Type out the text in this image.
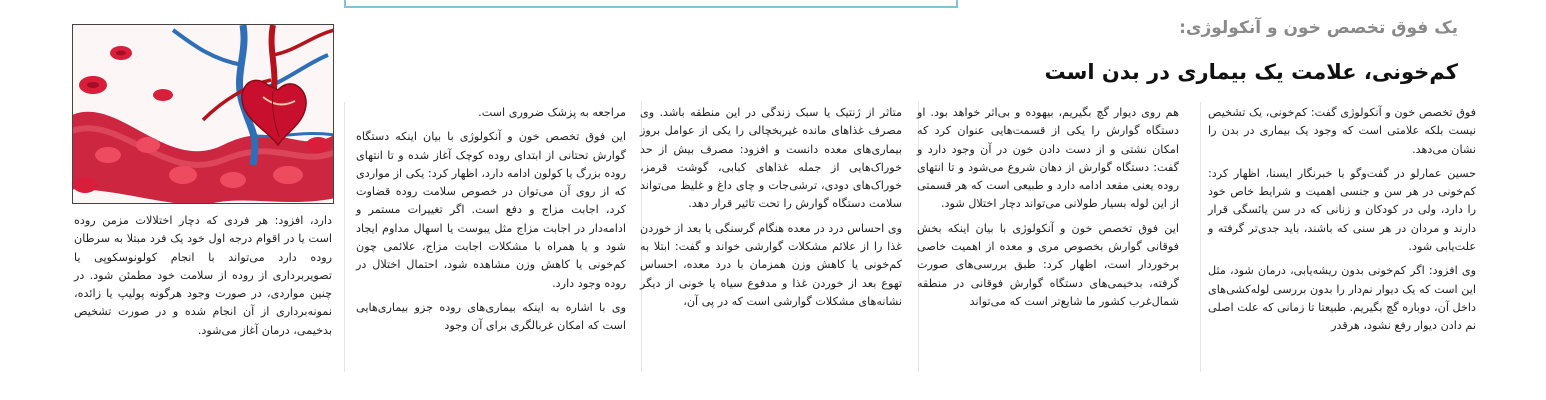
یک فوق تخصص خون و آنکولوژی:
کم‌خونی، علامت یک بیماری در بدن است

فوق تخصص خون و آنکولوژی گفت: کم‌خونی، یک تشخیص نیست بلکه علامتی است که وجود یک بیماری در بدن را نشان می‌دهد.

حسین عمارلو در گفت‌وگو با خبرنگار ایسنا، اظهار کرد: کم‌خونی در هر سن و جنسی اهمیت و شرایط خاص خود را دارد، ولی در کودکان و زنانی که در سن یائسگی قرار دارند و مردان در هر سنی که باشند، باید جدی‌تر گرفته و علت‌یابی شود.

وی افزود: اگر کم‌خونی بدون ریشه‌یابی، درمان شود، مثل این است که یک دیوار نم‌دار را بدون بررسی لوله‌کشی‌های داخل آن، دوباره گچ بگیریم. طبیعتا تا زمانی که علت اصلی نم دادن دیوار رفع نشود، هرقدر

هم روی دیوار گچ بگیریم، بیهوده و بی‌اثر خواهد بود. او دستگاه گوارش را یکی از قسمت‌هایی عنوان کرد که امکان نشتی و از دست دادن خون در آن وجود دارد و گفت: دستگاه گوارش از دهان شروع می‌شود و تا انتهای روده یعنی مقعد ادامه دارد و طبیعی است که هر قسمتی از این لوله بسیار طولانی می‌تواند دچار اختلال شود.

این فوق تخصص خون و آنکولوژی با بیان اینکه بخش فوقانی گوارش بخصوص مری و معده از اهمیت خاصی برخوردار است، اظهار کرد: طبق بررسی‌های صورت گرفته، بدخیمی‌های دستگاه گوارش فوقانی در منطقه شمال‌غرب کشور ما شایع‌تر است که می‌تواند

متاثر از ژنتیک یا سبک زندگی در این منطقه باشد. وی مصرف غذاهای مانده غیربخچالی را یکی از عوامل بروز بیماری‌های معده دانست و افزود: مصرف بیش از حد خوراک‌هایی از جمله غذاهای کبابی، گوشت قرمز، خوراک‌های دودی، ترشی‌جات و چای داغ و غلیظ می‌تواند سلامت دستگاه گوارش را تحت تاثیر قرار دهد.

وی احساس درد در معده هنگام گرسنگی یا بعد از خوردن غذا را از علائم مشکلات گوارشی خواند و گفت: ابتلا به کم‌خونی یا کاهش وزن همزمان با درد معده، احساس تهوع بعد از خوردن غذا و مدفوع سیاه یا خونی از دیگر نشانه‌های مشکلات گوارشی است که در پی آن،

مراجعه به پزشک ضروری است.

این فوق تخصص خون و آنکولوژی با بیان اینکه دستگاه گوارش تحتانی از ابتدای روده کوچک آغاز شده و تا انتهای روده بزرگ یا کولون ادامه دارد، اظهار کرد: یکی از مواردی که از روی آن می‌توان در خصوص سلامت روده قضاوت کرد، اجابت مزاج و دفع است. اگر تغییرات مستمر و ادامه‌دار در اجابت مزاج مثل یبوست یا اسهال مداوم ایجاد شود و یا همراه با مشکلات اجابت مزاج، علائمی چون کم‌خونی یا کاهش وزن مشاهده شود، احتمال اختلال در روده وجود دارد.

وی با اشاره به اینکه بیماری‌های روده جزو بیماری‌هایی است که امکان غربالگری برای آن وجود

دارد، افزود: هر فردی که دچار اختلالات مزمن روده است یا در اقوام درجه اول خود یک فرد مبتلا به سرطان روده دارد می‌تواند با انجام کولونوسکوپی یا تصویربرداری از روده از سلامت خود مطمئن شود. در چنین مواردی، در صورت وجود هرگونه پولیپ یا زائده، نمونه‌برداری از آن انجام شده و در صورت تشخیص بدخیمی، درمان آغاز می‌شود.
